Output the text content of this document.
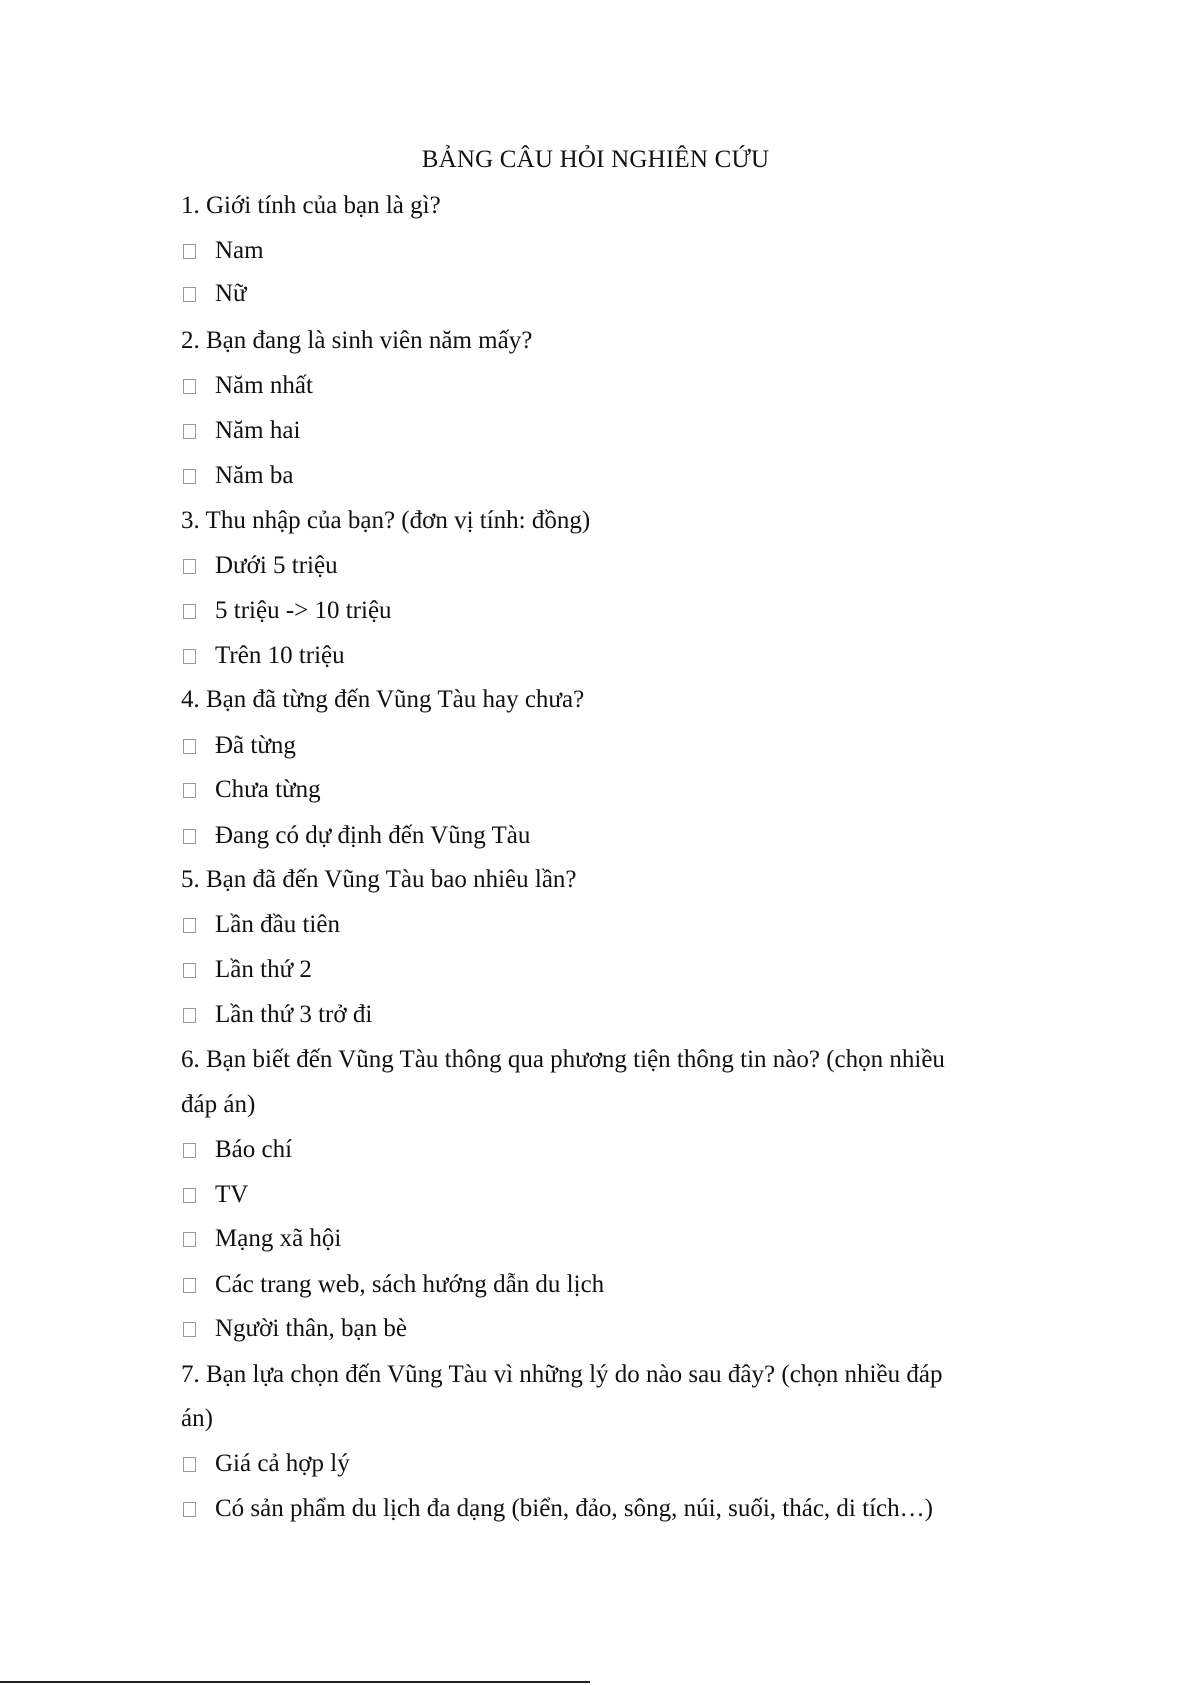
BẢNG CÂU HỎI NGHIÊN CỨU
1. Giới tính của bạn là gì?
Nam
Nữ
2. Bạn đang là sinh viên năm mấy?
Năm nhất
Năm hai
Năm ba
3. Thu nhập của bạn? (đơn vị tính: đồng)
Dưới 5 triệu
5 triệu -> 10 triệu
Trên 10 triệu
4. Bạn đã từng đến Vũng Tàu hay chưa?
Đã từng
Chưa từng
Đang có dự định đến Vũng Tàu
5. Bạn đã đến Vũng Tàu bao nhiêu lần?
Lần đầu tiên
Lần thứ 2
Lần thứ 3 trở đi
6. Bạn biết đến Vũng Tàu thông qua phương tiện thông tin nào? (chọn nhiều
đáp án)
Báo chí
TV
Mạng xã hội
Các trang web, sách hướng dẫn du lịch
Người thân, bạn bè
7. Bạn lựa chọn đến Vũng Tàu vì những lý do nào sau đây? (chọn nhiều đáp
án)
Giá cả hợp lý
Có sản phẩm du lịch đa dạng (biển, đảo, sông, núi, suối, thác, di tích…)
